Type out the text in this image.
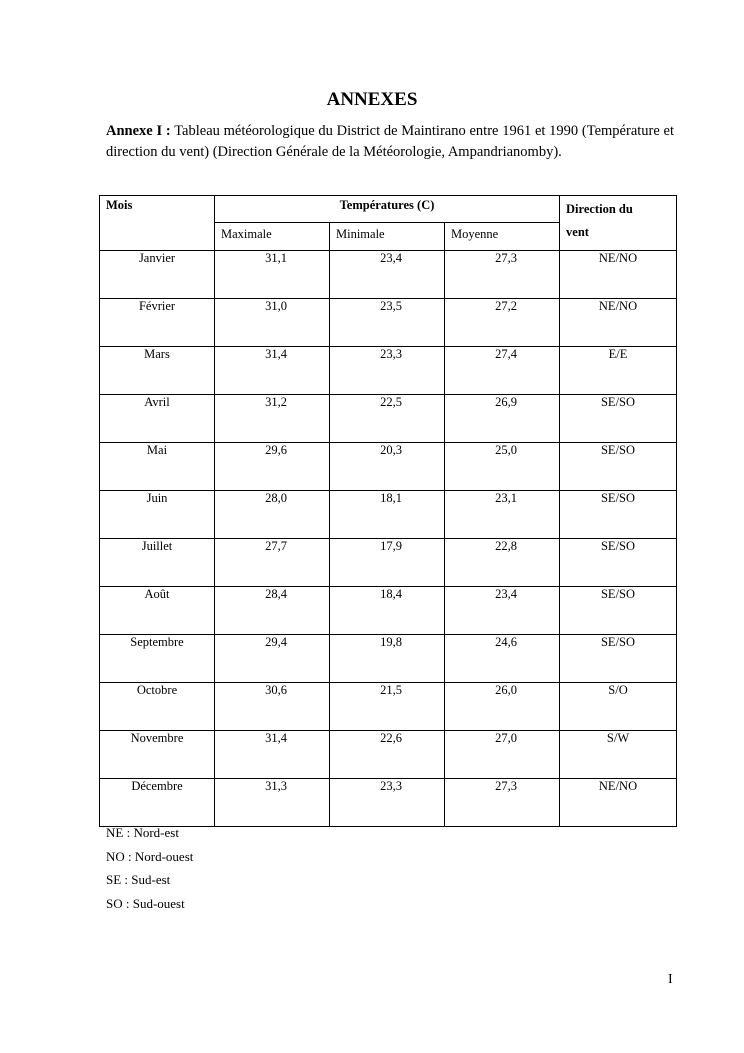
ANNEXES
Annexe I : Tableau météorologique du District de Maintirano entre 1961 et 1990 (Température et direction du vent) (Direction Générale de la Météorologie, Ampandrianomby).
Mois	Températures (C)			Direction du
vent
	Maximale	Minimale	Moyenne	
Janvier	31,1	23,4	27,3	NE/NO
Février	31,0	23,5	27,2	NE/NO
Mars	31,4	23,3	27,4	E/E
Avril	31,2	22,5	26,9	SE/SO
Mai	29,6	20,3	25,0	SE/SO
Juin	28,0	18,1	23,1	SE/SO
Juillet	27,7	17,9	22,8	SE/SO
Août	28,4	18,4	23,4	SE/SO
Septembre	29,4	19,8	24,6	SE/SO
Octobre	30,6	21,5	26,0	S/O
Novembre	31,4	22,6	27,0	S/W
Décembre	31,3	23,3	27,3	NE/NO
NE : Nord-est
NO : Nord-ouest
SE : Sud-est
SO : Sud-ouest
I
